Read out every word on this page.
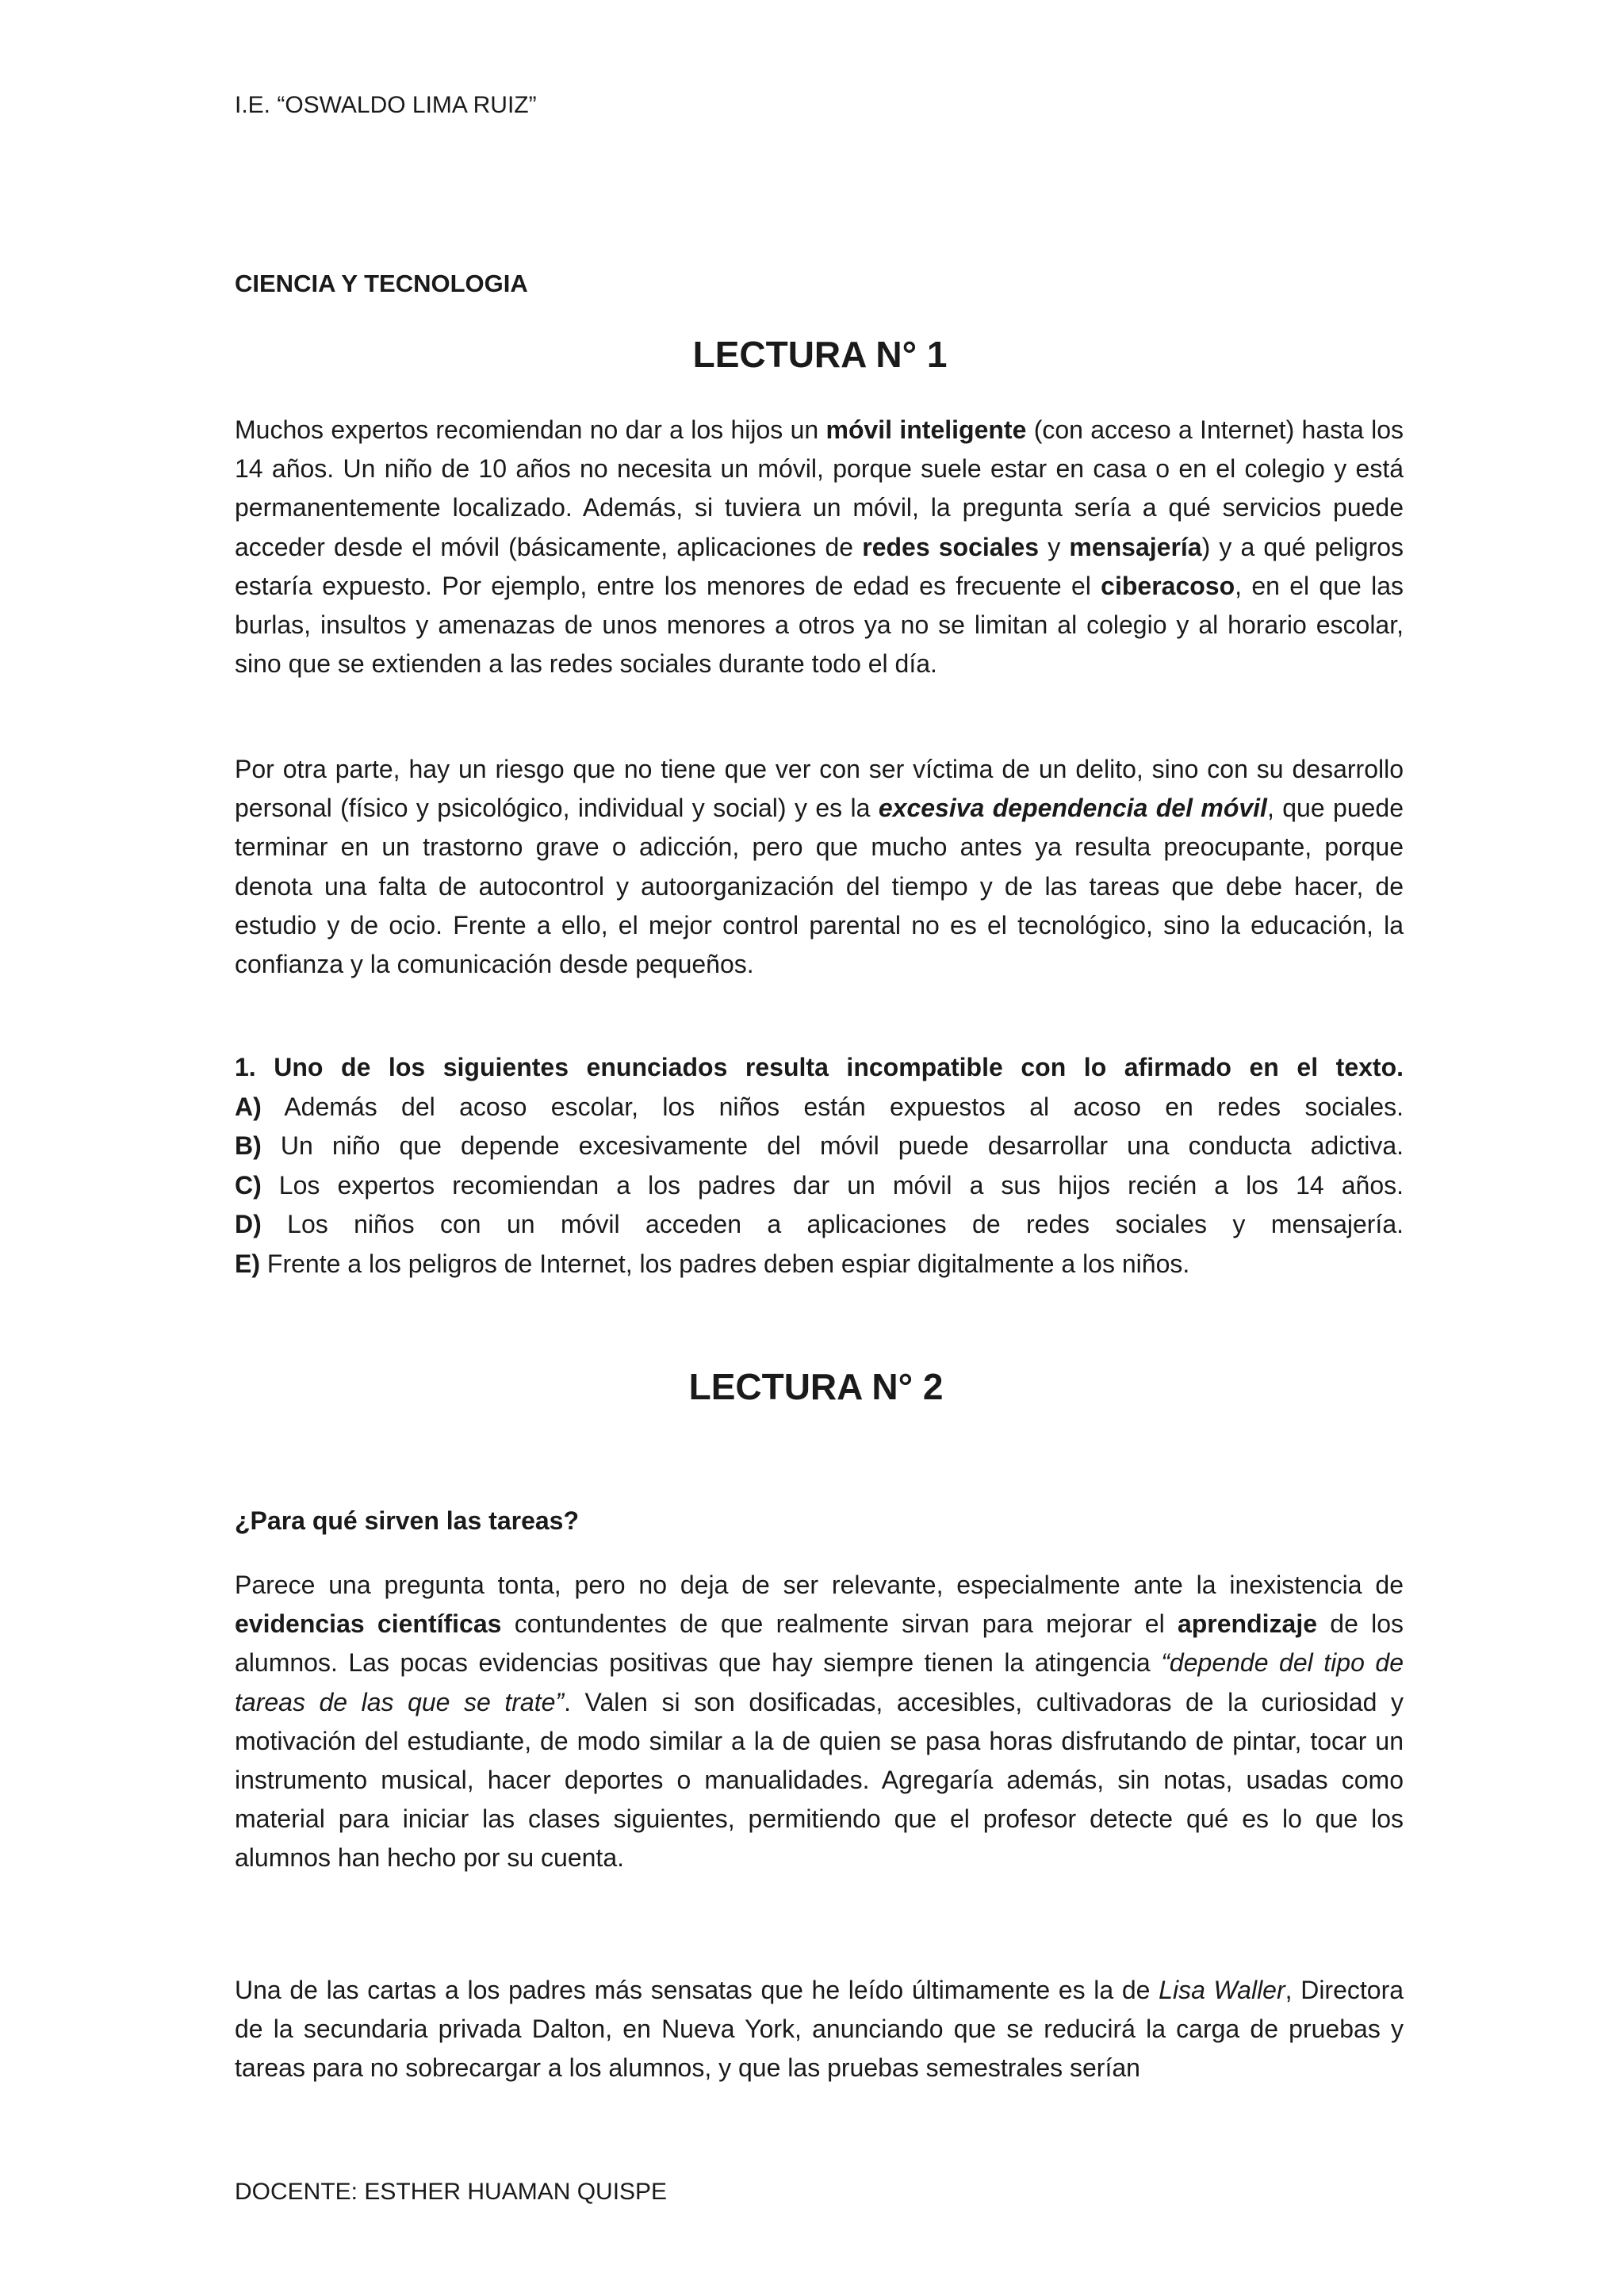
I.E. “OSWALDO LIMA RUIZ”
CIENCIA Y TECNOLOGIA
LECTURA N° 1
Muchos expertos recomiendan no dar a los hijos un móvil inteligente (con acceso a Internet) hasta los 14 años. Un niño de 10 años no necesita un móvil, porque suele estar en casa o en el colegio y está permanentemente localizado. Además, si tuviera un móvil, la pregunta sería a qué servicios puede acceder desde el móvil (básicamente, aplicaciones de redes sociales y mensajería) y a qué peligros estaría expuesto. Por ejemplo, entre los menores de edad es frecuente el ciberacoso, en el que las burlas, insultos y amenazas de unos menores a otros ya no se limitan al colegio y al horario escolar, sino que se extienden a las redes sociales durante todo el día.
Por otra parte, hay un riesgo que no tiene que ver con ser víctima de un delito, sino con su desarrollo personal (físico y psicológico, individual y social) y es la excesiva dependencia del móvil, que puede terminar en un trastorno grave o adicción, pero que mucho antes ya resulta preocupante, porque denota una falta de autocontrol y autoorganización del tiempo y de las tareas que debe hacer, de estudio y de ocio. Frente a ello, el mejor control parental no es el tecnológico, sino la educación, la confianza y la comunicación desde pequeños.
1. Uno de los siguientes enunciados resulta incompatible con lo afirmado en el texto.
A) Además del acoso escolar, los niños están expuestos al acoso en redes sociales.
B) Un niño que depende excesivamente del móvil puede desarrollar una conducta adictiva.
C) Los expertos recomiendan a los padres dar un móvil a sus hijos recién a los 14 años.
D) Los niños con un móvil acceden a aplicaciones de redes sociales y mensajería.
E) Frente a los peligros de Internet, los padres deben espiar digitalmente a los niños.
LECTURA N° 2
¿Para qué sirven las tareas?
Parece una pregunta tonta, pero no deja de ser relevante, especialmente ante la inexistencia de evidencias científicas contundentes de que realmente sirvan para mejorar el aprendizaje de los alumnos. Las pocas evidencias positivas que hay siempre tienen la atingencia “depende del tipo de tareas de las que se trate”. Valen si son dosificadas, accesibles, cultivadoras de la curiosidad y motivación del estudiante, de modo similar a la de quien se pasa horas disfrutando de pintar, tocar un instrumento musical, hacer deportes o manualidades. Agregaría además, sin notas, usadas como material para iniciar las clases siguientes, permitiendo que el profesor detecte qué es lo que los alumnos han hecho por su cuenta.
Una de las cartas a los padres más sensatas que he leído últimamente es la de Lisa Waller, Directora de la secundaria privada Dalton, en Nueva York, anunciando que se reducirá la carga de pruebas y tareas para no sobrecargar a los alumnos, y que las pruebas semestrales serían
DOCENTE: ESTHER HUAMAN QUISPE
